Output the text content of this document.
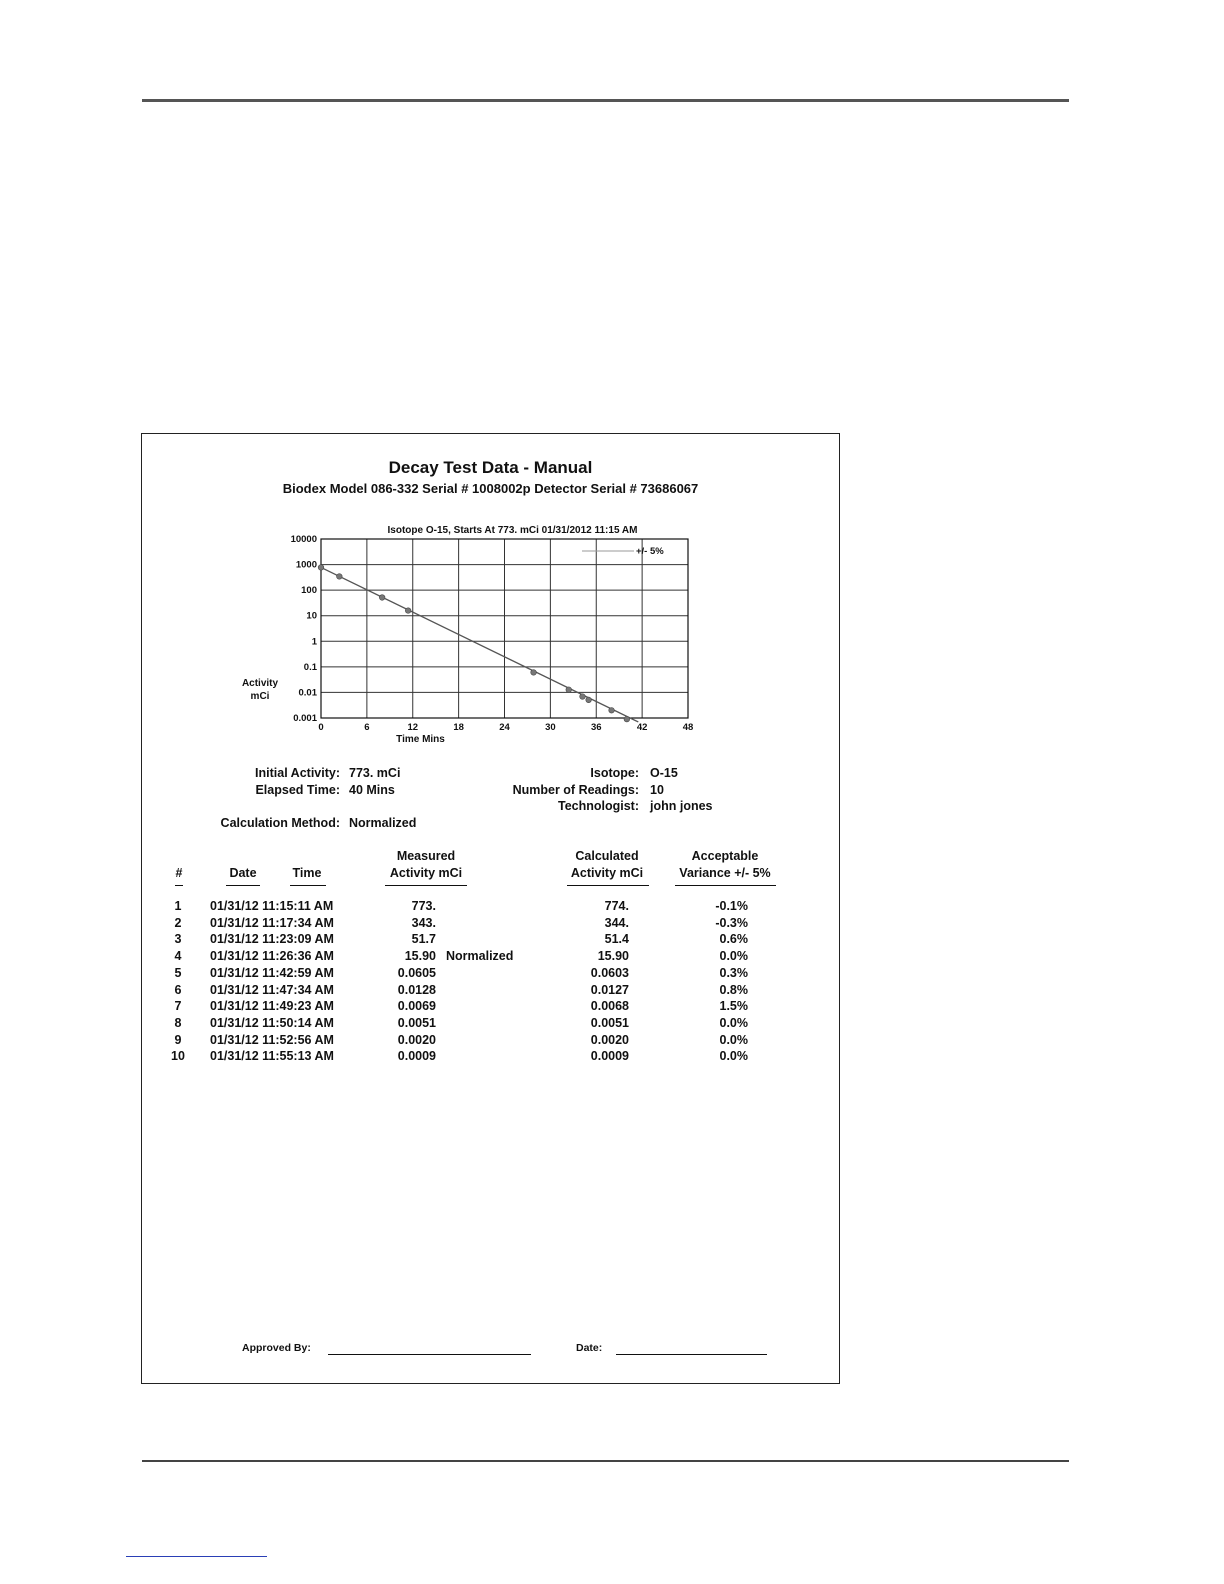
Decay Test Data - Manual
Biodex Model 086-332 Serial # 1008002p Detector Serial # 73686067
0	6	12	18	24	30	36	42	48
10000
1000
100
10
1
0.1
0.01
0.001
Isotope O-15, Starts At 773. mCi 01/31/2012 11:15 AM
Time Mins
Activity
mCi
+/- 5%
Initial Activity: 773. mCi
Elapsed Time: 40 Mins
Calculation Method: Normalized
Isotope: O-15
Number of Readings: 10
Technologist: john jones
#	Date	Time
Measured
Activity mCi
Calculated
Activity mCi
Acceptable
Variance +/- 5%
1	01/31/12 11:15:11 AM	773.	774.	-0.1%
2	01/31/12 11:17:34 AM	343.	344.	-0.3%
3	01/31/12 11:23:09 AM	51.7	51.4	0.6%
4	01/31/12 11:26:36 AM	15.90 Normalized	15.90	0.0%
5	01/31/12 11:42:59 AM	0.0605	0.0603	0.3%
6	01/31/12 11:47:34 AM	0.0128	0.0127	0.8%
7	01/31/12 11:49:23 AM	0.0069	0.0068	1.5%
8	01/31/12 11:50:14 AM	0.0051	0.0051	0.0%
9	01/31/12 11:52:56 AM	0.0020	0.0020	0.0%
10	01/31/12 11:55:13 AM	0.0009	0.0009	0.0%
Approved By:	Date:
